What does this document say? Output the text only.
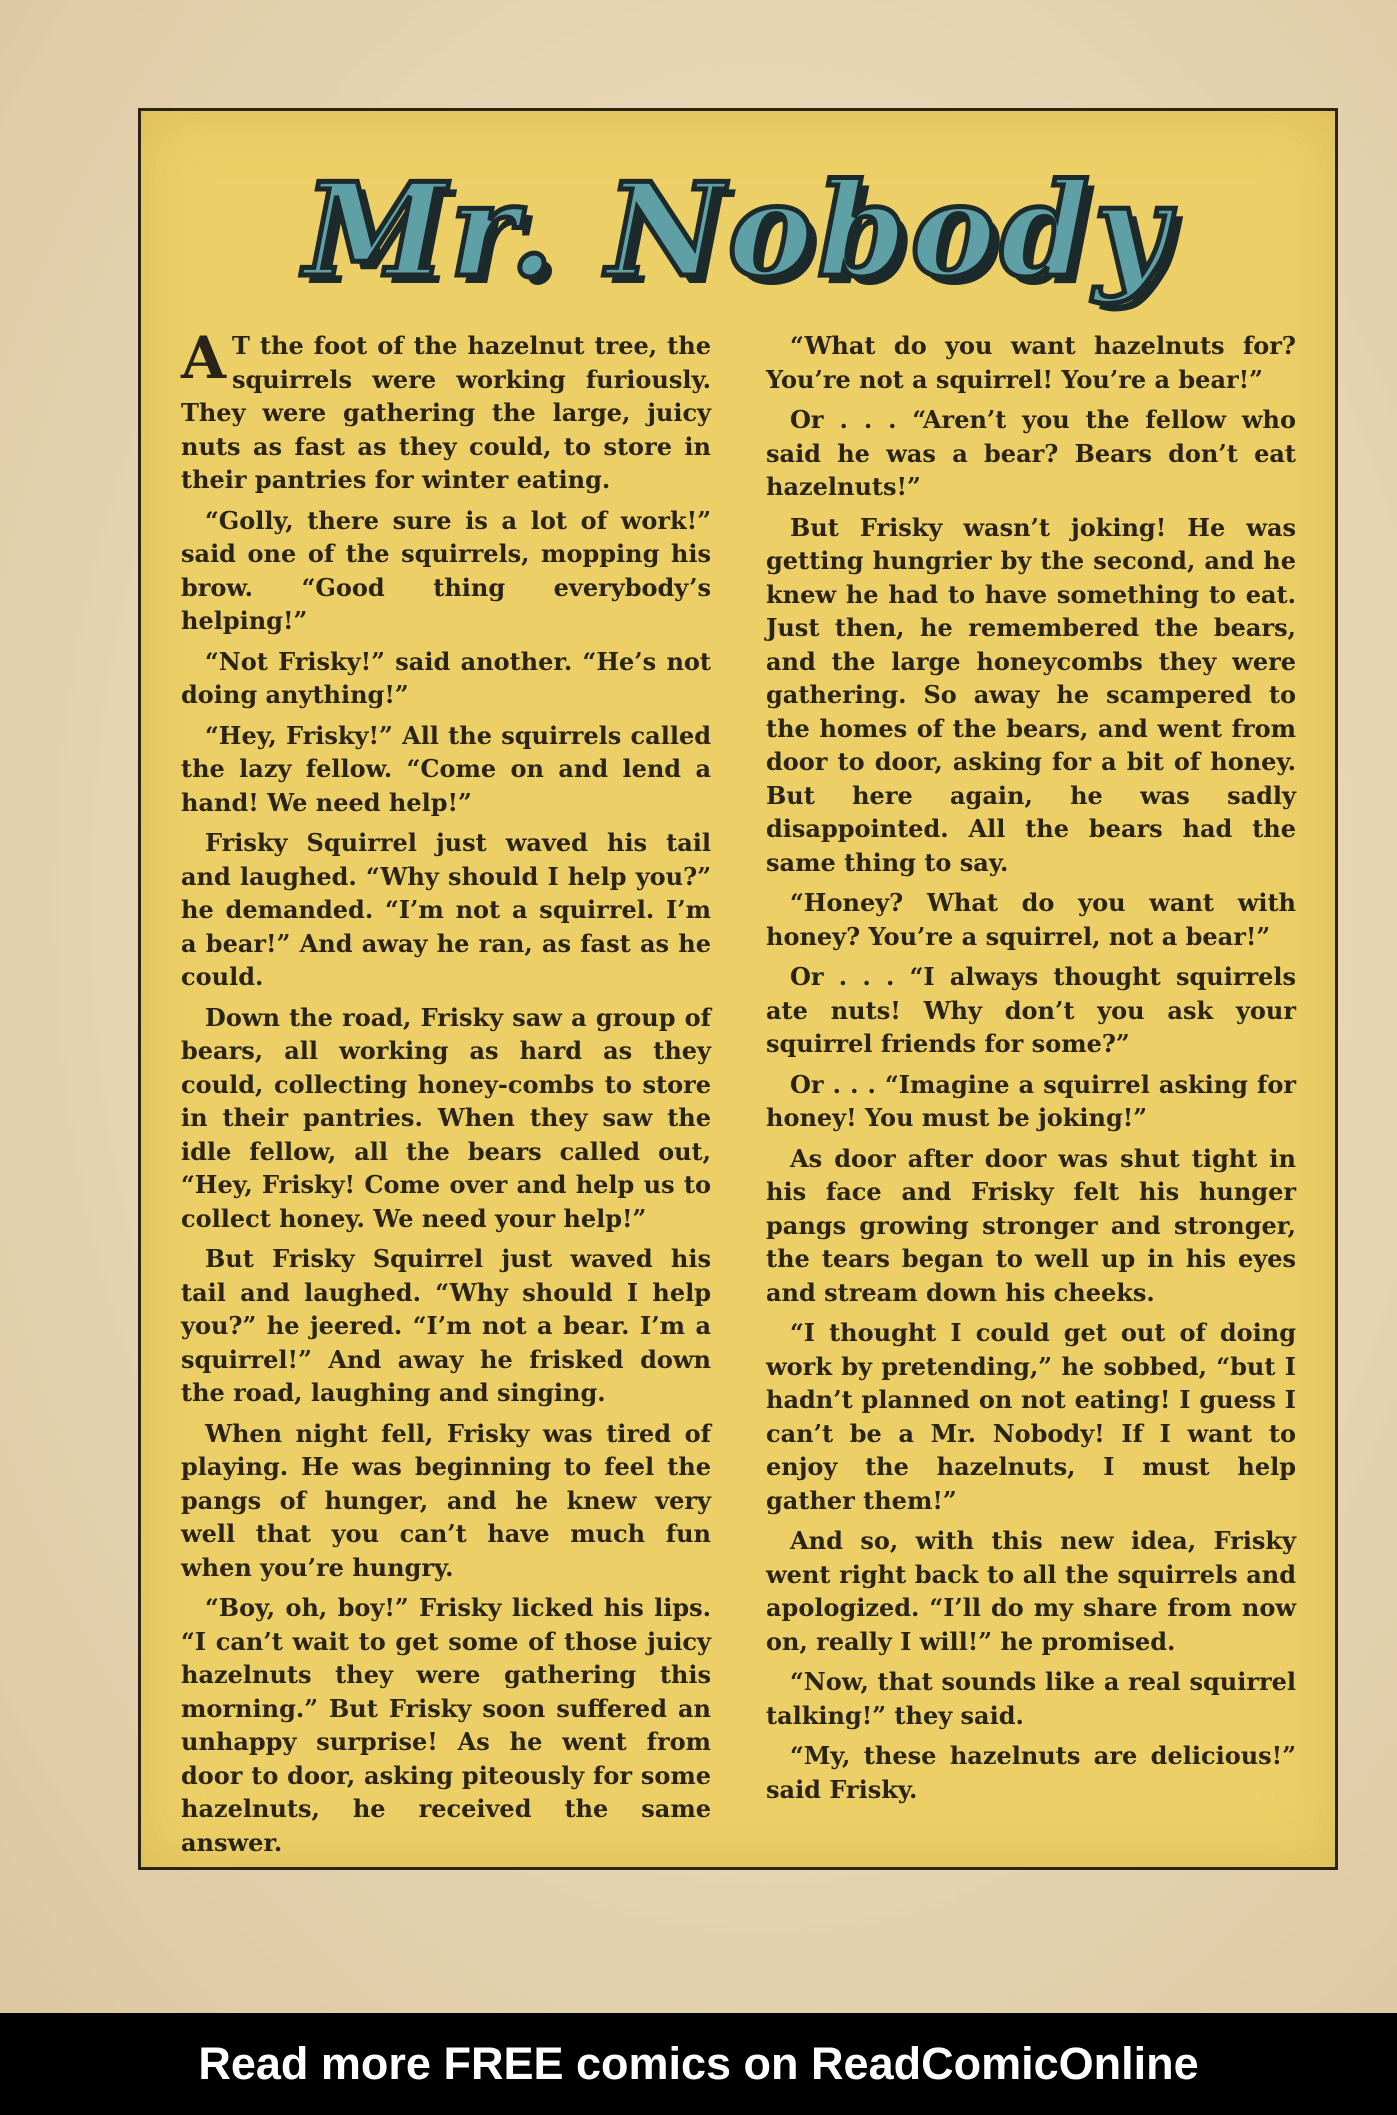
Mr. Nobody

A T the foot of the hazelnut tree, the squirrels were working furiously. They were gathering the large, juicy nuts as fast as they could, to store in their pantries for winter eating.

“Golly, there sure is a lot of work!” said one of the squirrels, mopping his brow. “Good thing everybody’s helping!”

“Not Frisky!” said another. “He’s not doing anything!”

“Hey, Frisky!” All the squirrels called the lazy fellow. “Come on and lend a hand! We need help!”

Frisky Squirrel just waved his tail and laughed. “Why should I help you?” he demanded. “I’m not a squirrel. I’m a bear!” And away he ran, as fast as he could.

Down the road, Frisky saw a group of bears, all working as hard as they could, collecting honey-combs to store in their pantries. When they saw the idle fellow, all the bears called out, “Hey, Frisky! Come over and help us to collect honey. We need your help!”

But Frisky Squirrel just waved his tail and laughed. “Why should I help you?” he jeered. “I’m not a bear. I’m a squirrel!” And away he frisked down the road, laughing and singing.

When night fell, Frisky was tired of playing. He was beginning to feel the pangs of hunger, and he knew very well that you can’t have much fun when you’re hungry.

“Boy, oh, boy!” Frisky licked his lips. “I can’t wait to get some of those juicy hazelnuts they were gathering this morning.” But Frisky soon suffered an unhappy surprise! As he went from door to door, asking piteously for some hazelnuts, he received the same answer.

“What do you want hazelnuts for? You’re not a squirrel! You’re a bear!”

Or . . . “Aren’t you the fellow who said he was a bear? Bears don’t eat hazelnuts!”

But Frisky wasn’t joking! He was getting hungrier by the second, and he knew he had to have something to eat. Just then, he remembered the bears, and the large honeycombs they were gathering. So away he scampered to the homes of the bears, and went from door to door, asking for a bit of honey. But here again, he was sadly disappointed. All the bears had the same thing to say.

“Honey? What do you want with honey? You’re a squirrel, not a bear!”

Or . . . “I always thought squirrels ate nuts! Why don’t you ask your squirrel friends for some?”

Or . . . “Imagine a squirrel asking for honey! You must be joking!”

As door after door was shut tight in his face and Frisky felt his hunger pangs growing stronger and stronger, the tears began to well up in his eyes and stream down his cheeks.

“I thought I could get out of doing work by pretending,” he sobbed, “but I hadn’t planned on not eating! I guess I can’t be a Mr. Nobody! If I want to enjoy the hazelnuts, I must help gather them!”

And so, with this new idea, Frisky went right back to all the squirrels and apologized. “I’ll do my share from now on, really I will!” he promised.

“Now, that sounds like a real squirrel talking!” they said.

“My, these hazelnuts are delicious!” said Frisky.

Read more FREE comics on ReadComicOnline
